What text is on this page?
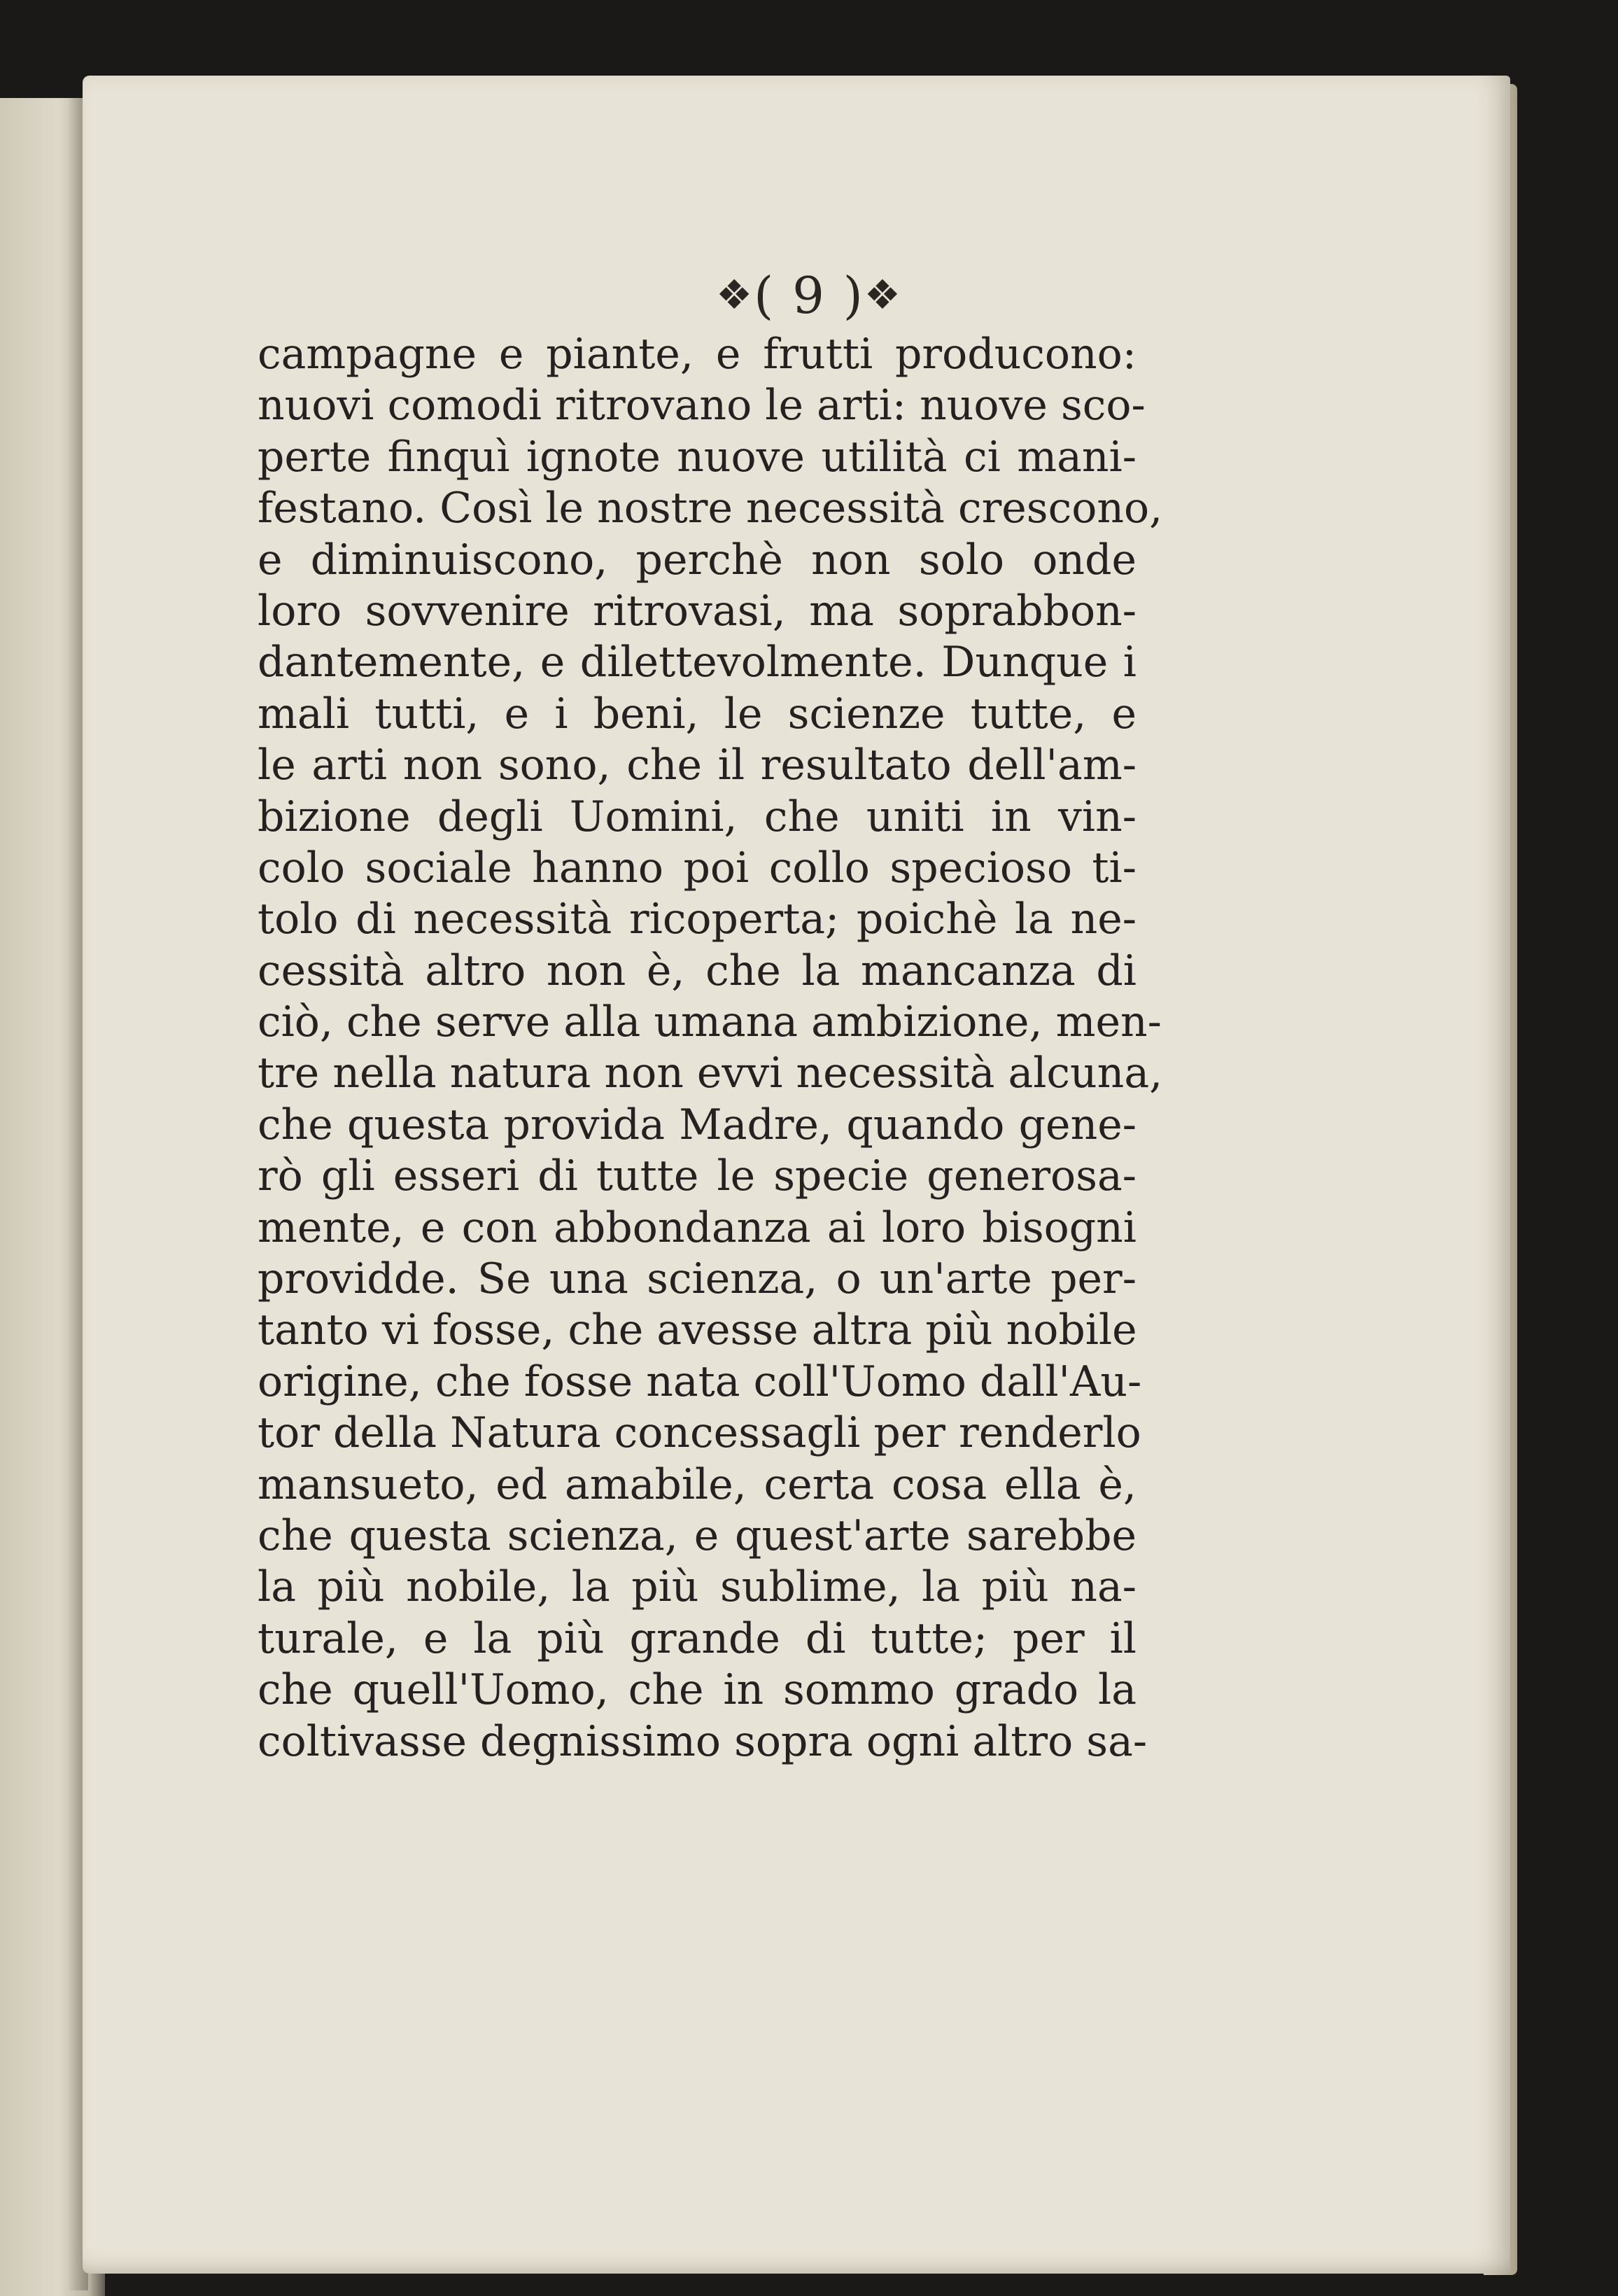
❖( 9 )❖
campagne e piante, e frutti producono:
nuovi comodi ritrovano le arti: nuove sco-
perte finquì ignote nuove utilità ci mani-
festano. Così le nostre necessità crescono,
e diminuiscono, perchè non solo onde
loro sovvenire ritrovasi, ma soprabbon-
dantemente, e dilettevolmente. Dunque i
mali tutti, e i beni, le scienze tutte, e
le arti non sono, che il resultato dell'am-
bizione degli Uomini, che uniti in vin-
colo sociale hanno poi collo specioso ti-
tolo di necessità ricoperta; poichè la ne-
cessità altro non è, che la mancanza di
ciò, che serve alla umana ambizione, men-
tre nella natura non evvi necessità alcuna,
che questa provida Madre, quando gene-
rò gli esseri di tutte le specie generosa-
mente, e con abbondanza ai loro bisogni
providde. Se una scienza, o un'arte per-
tanto vi fosse, che avesse altra più nobile
origine, che fosse nata coll'Uomo dall'Au-
tor della Natura concessagli per renderlo
mansueto, ed amabile, certa cosa ella è,
che questa scienza, e quest'arte sarebbe
la più nobile, la più sublime, la più na-
turale, e la più grande di tutte; per il
che quell'Uomo, che in sommo grado la
coltivasse degnissimo sopra ogni altro sa-
